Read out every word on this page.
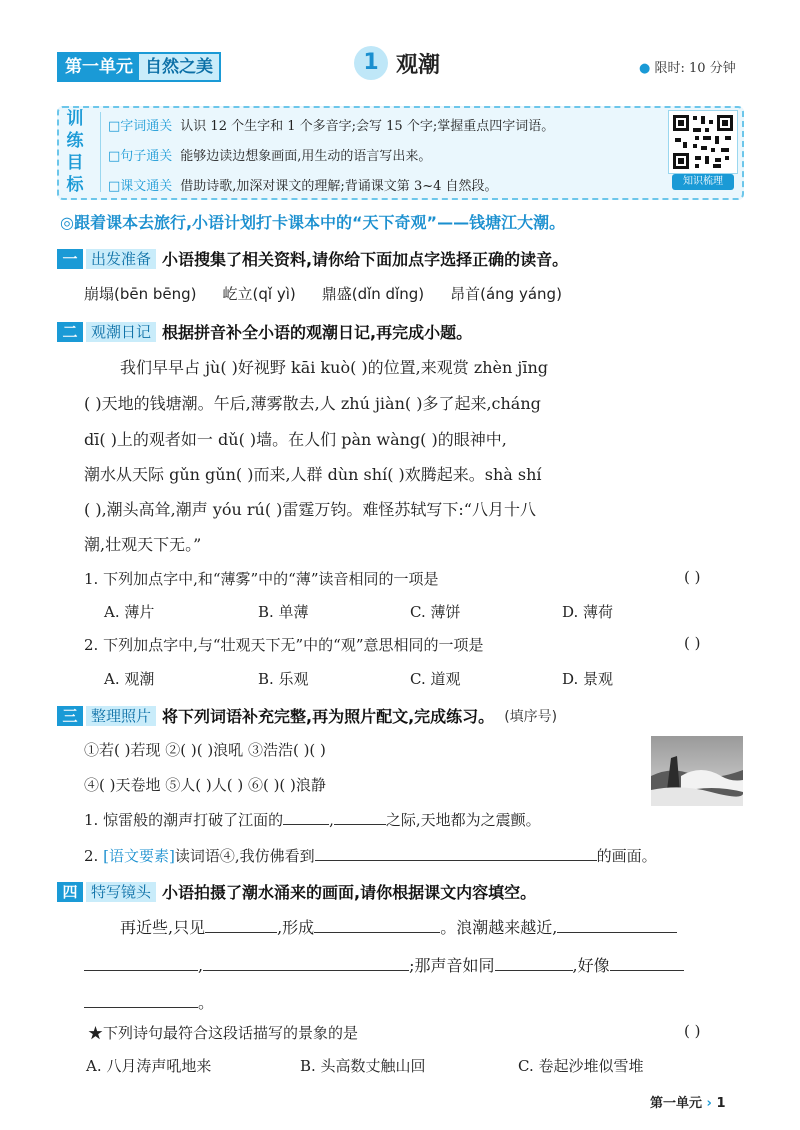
第一单元 自然之美	1 观潮	● 限时: 10 分钟
训练目标
□字词通关 认识 12 个生字和 1 个多音字;会写 15 个字;掌握重点四字词语。
□句子通关 能够边读边想象画面,用生动的语言写出来。
□课文通关 借助诗歌,加深对课文的理解;背诵课文第 3~4 自然段。	知识梳理
◎跟着课本去旅行,小语计划打卡课本中的“天下奇观”——钱塘江大潮。
一 出发准备 小语搜集了相关资料,请你给下面加点字选择正确的读音。
崩塌(bēn bēng) 屹立(qǐ yì) 鼎盛(dǐn dǐng) 昂首(áng yáng)
二 观潮日记 根据拼音补全小语的观潮日记,再完成小题。
我们早早占 jù( )好视野 kāi kuò( )的位置,来观赏 zhèn jīng
( )天地的钱塘潮。午后,薄雾散去,人 zhú jiàn( )多了起来,cháng
dī( )上的观者如一 dǔ( )墙。在人们 pàn wàng( )的眼神中,
潮水从天际 gǔn gǔn( )而来,人群 dùn shí( )欢腾起来。shà shí
( ),潮头高耸,潮声 yóu rú( )雷霆万钧。难怪苏轼写下:“八月十八
潮,壮观天下无。”
1. 下列加点字中,和“薄雾”中的“薄”读音相同的一项是	( )
A. 薄片	B. 单薄	C. 薄饼	D. 薄荷
2. 下列加点字中,与“壮观天下无”中的“观”意思相同的一项是	( )
A. 观潮	B. 乐观	C. 道观	D. 景观
三 整理照片 将下列词语补充完整,再为照片配文,完成练习。 (填序号)
①若( )若现 ②( )( )浪吼 ③浩浩( )( )
④( )天卷地 ⑤人( )人( ) ⑥( )( )浪静
1. 惊雷般的潮声打破了江面的	,	之际,天地都为之震颤。
2. [语文要素]读词语④,我仿佛看到	的画面。
四 特写镜头 小语拍摄了潮水涌来的画面,请你根据课文内容填空。
再近些,只见	,形成	。浪潮越来越近,
,	;那声音如同	,好像
。
★下列诗句最符合这段话描写的景象的是	( )
A. 八月涛声吼地来	B. 头高数丈触山回	C. 卷起沙堆似雪堆
第一单元 › 1
